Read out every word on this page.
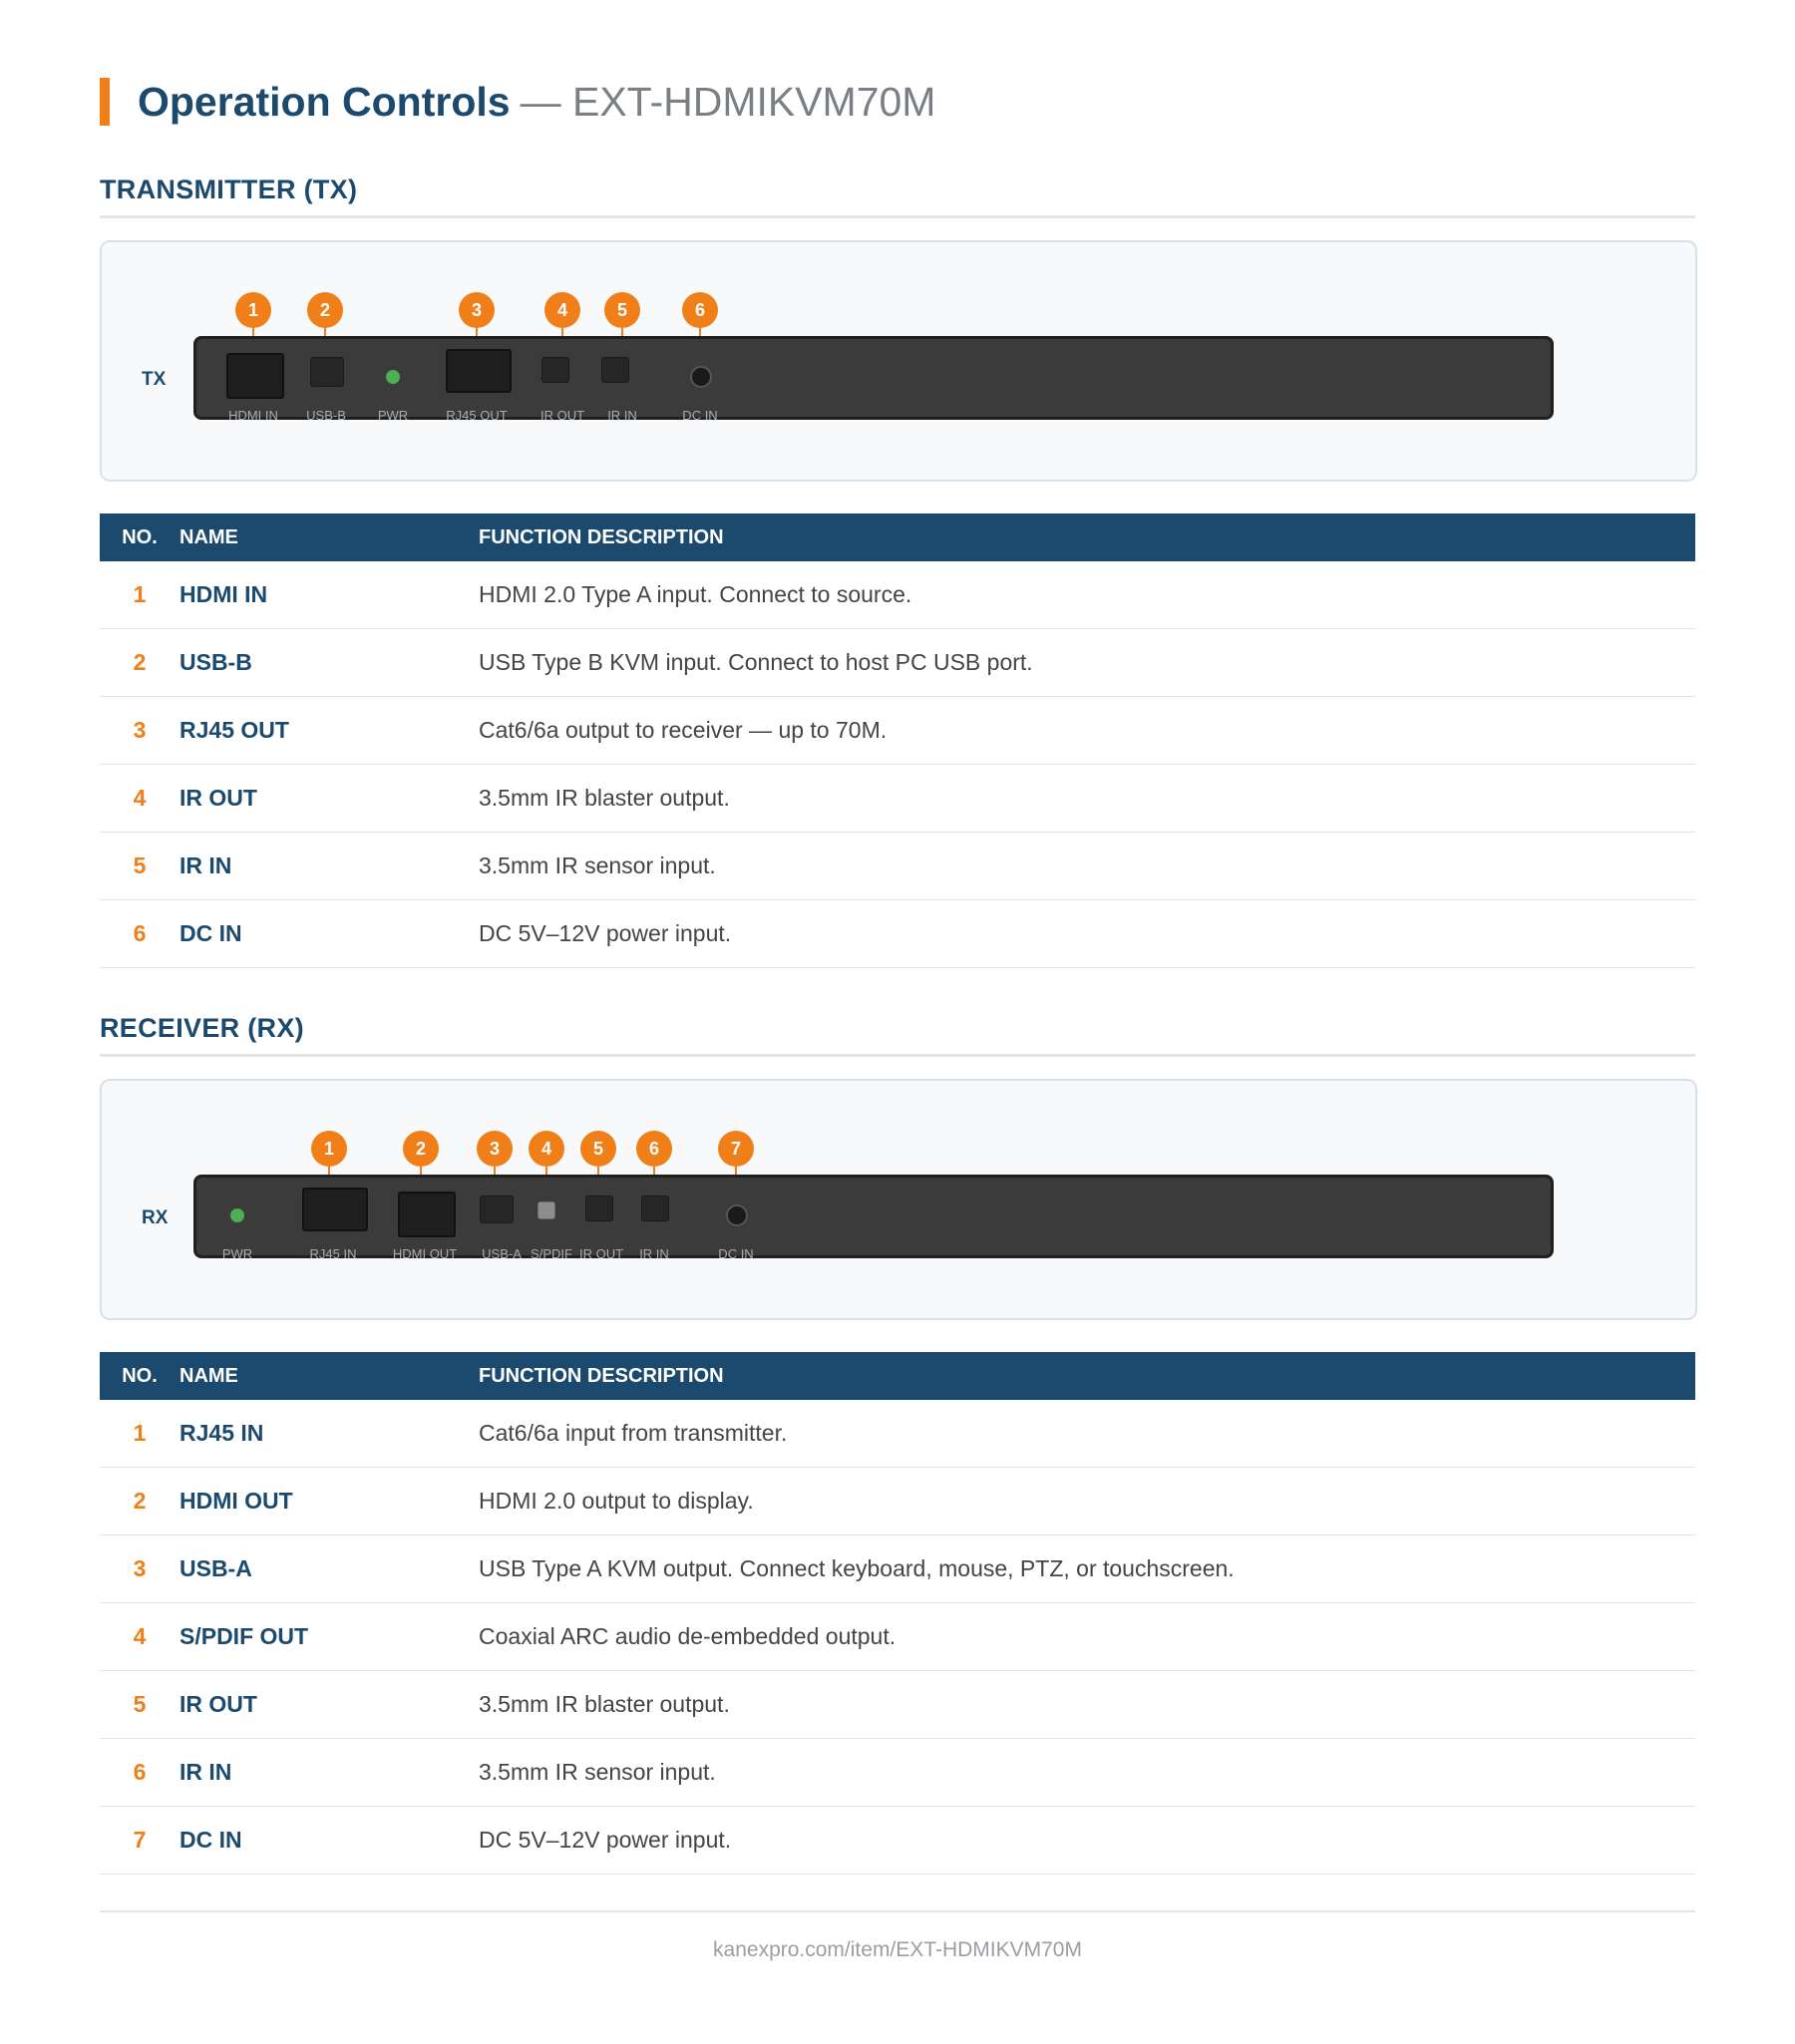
Operation Controls — EXT-HDMIKVM70M
TRANSMITTER (TX)
TX
1	2	3	4	5	6
HDMI IN USB-B PWR	RJ45 OUT	IR OUT IR IN	DC IN
NO.	NAME	FUNCTION DESCRIPTION
1	HDMI IN	HDMI 2.0 Type A input. Connect to source.
2	USB-B	USB Type B KVM input. Connect to host PC USB port.
3	RJ45 OUT	Cat6/6a output to receiver — up to 70M.
4	IR OUT	3.5mm IR blaster output.
5	IR IN	3.5mm IR sensor input.
6	DC IN	DC 5V–12V power input.
RECEIVER (RX)
RX
1	2	3	4	5	6	7
PWR	RJ45 IN	HDMI OUT USB-A S/PDIF IR OUT IR IN	DC IN
NO.	NAME	FUNCTION DESCRIPTION
1	RJ45 IN	Cat6/6a input from transmitter.
2	HDMI OUT	HDMI 2.0 output to display.
3	USB-A	USB Type A KVM output. Connect keyboard, mouse, PTZ, or touchscreen.
4	S/PDIF OUT	Coaxial ARC audio de-embedded output.
5	IR OUT	3.5mm IR blaster output.
6	IR IN	3.5mm IR sensor input.
7	DC IN	DC 5V–12V power input.
kanexpro.com/item/EXT-HDMIKVM70M
